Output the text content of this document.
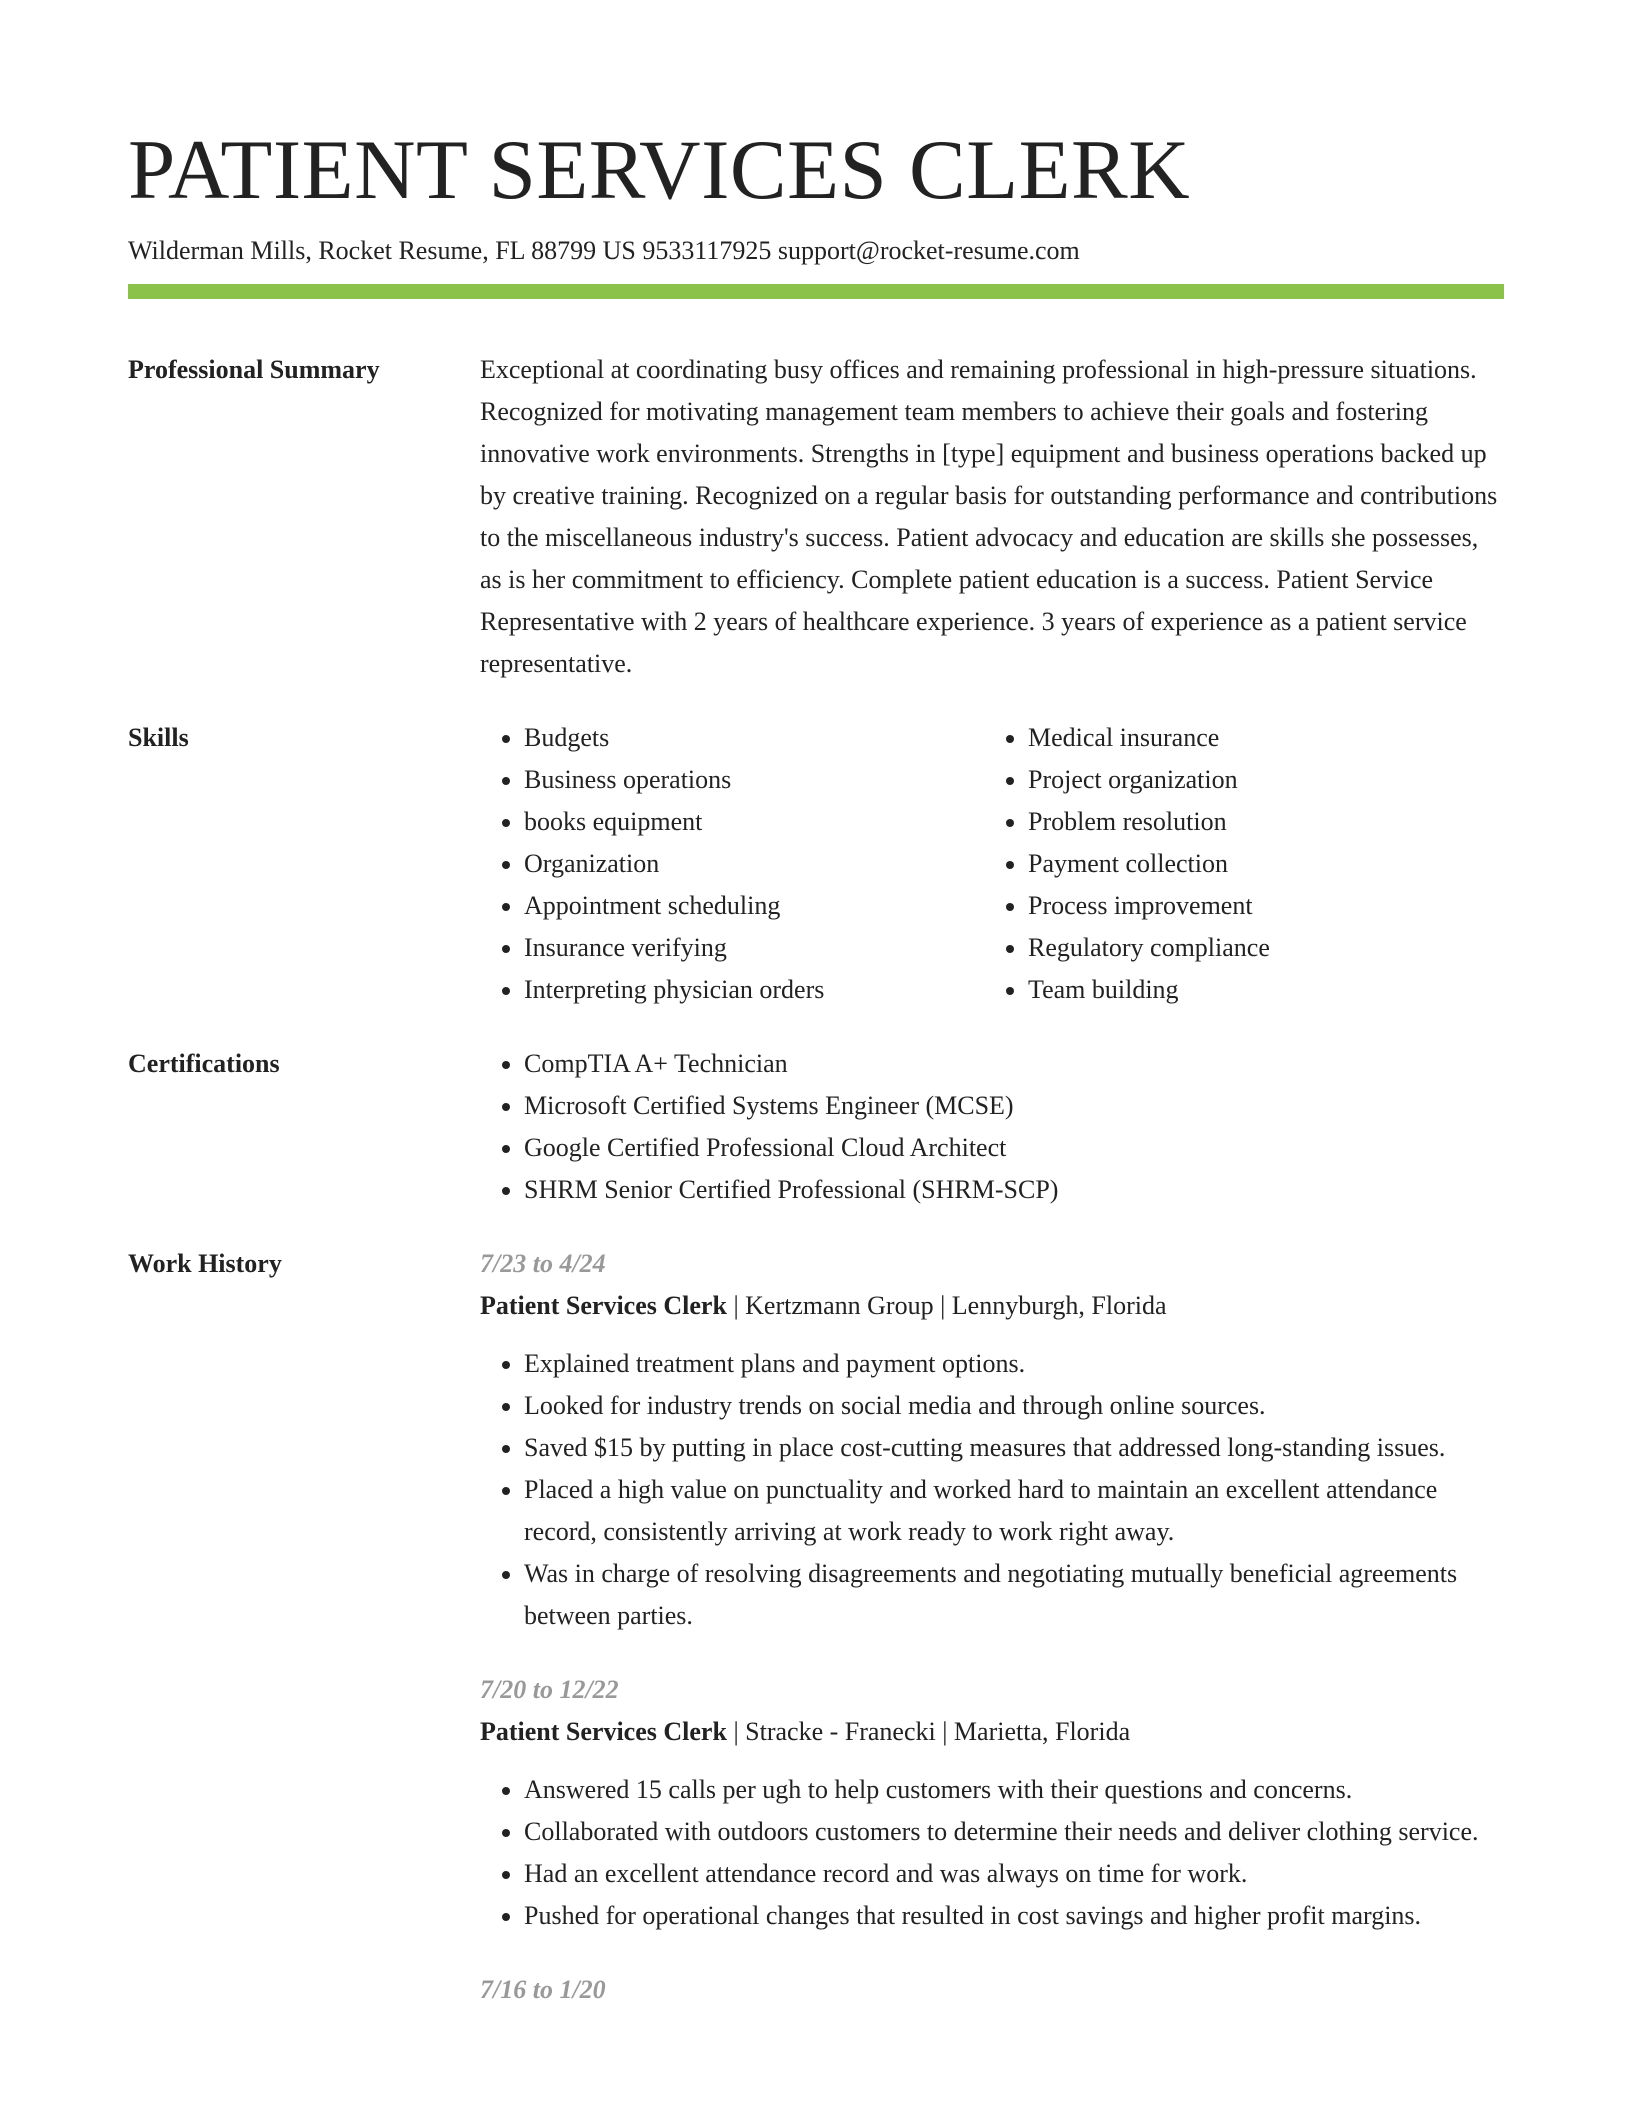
PATIENT SERVICES CLERK
Wilderman Mills, Rocket Resume, FL 88799 US 9533117925 support@rocket-resume.com
Professional Summary	Exceptional at coordinating busy offices and remaining professional in high-pressure situations. Recognized for motivating management team members to achieve their goals and fostering innovative work environments. Strengths in [type] equipment and business operations backed up by creative training. Recognized on a regular basis for outstanding performance and contributions to the miscellaneous industry's success. Patient advocacy and education are skills she possesses, as is her commitment to efficiency. Complete patient education is a success. Patient Service Representative with 2 years of healthcare experience. 3 years of experience as a patient service representative.

Skills	• Budgets
• Business operations
• books equipment
• Organization
• Appointment scheduling
• Insurance verifying
• Interpreting physician orders
• Medical insurance
• Project organization
• Problem resolution
• Payment collection
• Process improvement
• Regulatory compliance
• Team building
Certifications	• CompTIA A+ Technician
• Microsoft Certified Systems Engineer (MCSE)
• Google Certified Professional Cloud Architect
• SHRM Senior Certified Professional (SHRM-SCP)
Work History	7/23 to 4/24
Patient Services Clerk | Kertzmann Group | Lennyburgh, Florida
• Explained treatment plans and payment options.
• Looked for industry trends on social media and through online sources.
• Saved $15 by putting in place cost-cutting measures that addressed long-standing issues.
• Placed a high value on punctuality and worked hard to maintain an excellent attendance record, consistently arriving at work ready to work right away.
• Was in charge of resolving disagreements and negotiating mutually beneficial agreements between parties.
7/20 to 12/22
Patient Services Clerk | Stracke - Franecki | Marietta, Florida
• Answered 15 calls per ugh to help customers with their questions and concerns.
• Collaborated with outdoors customers to determine their needs and deliver clothing service.
• Had an excellent attendance record and was always on time for work.
• Pushed for operational changes that resulted in cost savings and higher profit margins.
7/16 to 1/20
